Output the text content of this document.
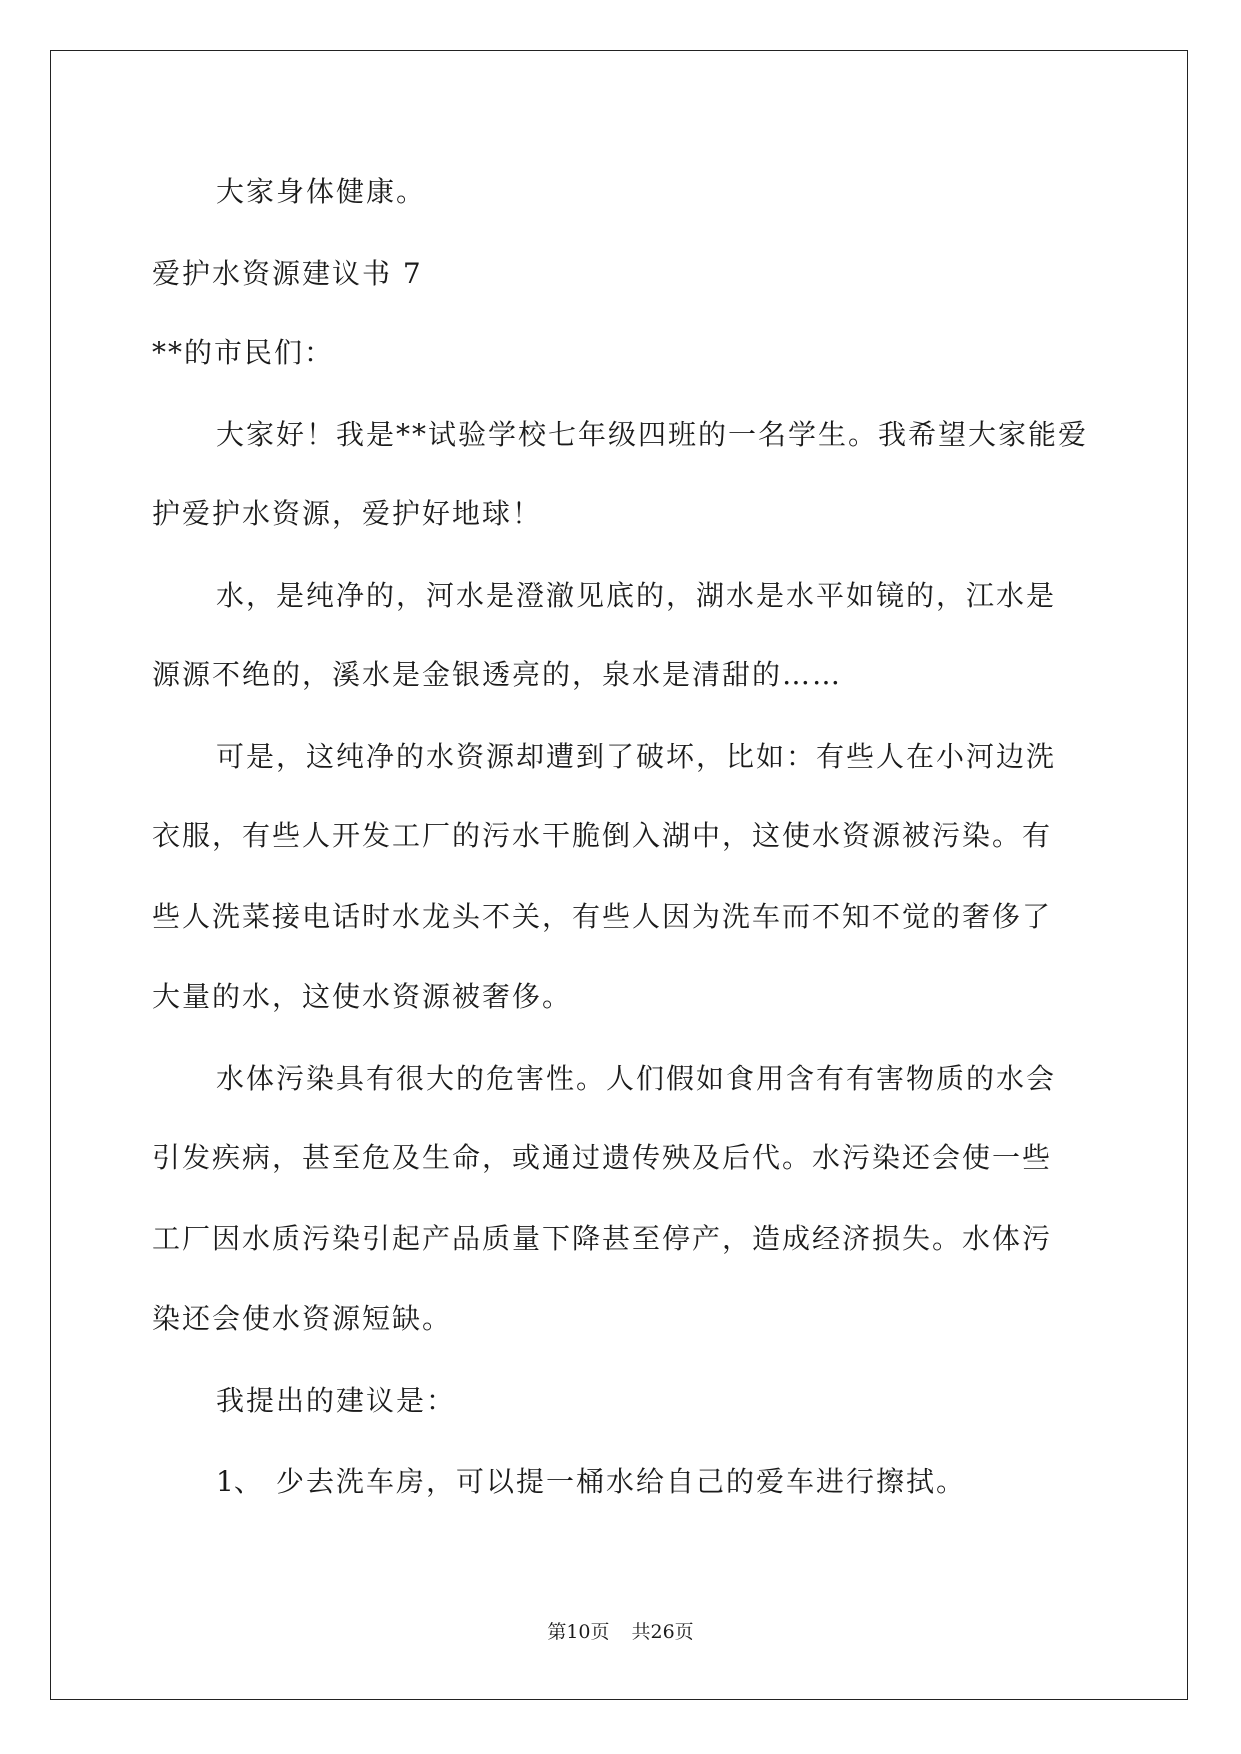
大家身体健康。
爱护水资源建议书 7
**的市民们：
大家好！我是**试验学校七年级四班的一名学生。我希望大家能爱
护爱护水资源，爱护好地球！
水，是纯净的，河水是澄澈见底的，湖水是水平如镜的，江水是
源源不绝的，溪水是金银透亮的，泉水是清甜的……
可是，这纯净的水资源却遭到了破坏，比如：有些人在小河边洗
衣服，有些人开发工厂的污水干脆倒入湖中，这使水资源被污染。有
些人洗菜接电话时水龙头不关，有些人因为洗车而不知不觉的奢侈了
大量的水，这使水资源被奢侈。
水体污染具有很大的危害性。人们假如食用含有有害物质的水会
引发疾病，甚至危及生命，或通过遗传殃及后代。水污染还会使一些
工厂因水质污染引起产品质量下降甚至停产，造成经济损失。水体污
染还会使水资源短缺。
我提出的建议是：
1、 少去洗车房，可以提一桶水给自己的爱车进行擦拭。
第10页 共26页
